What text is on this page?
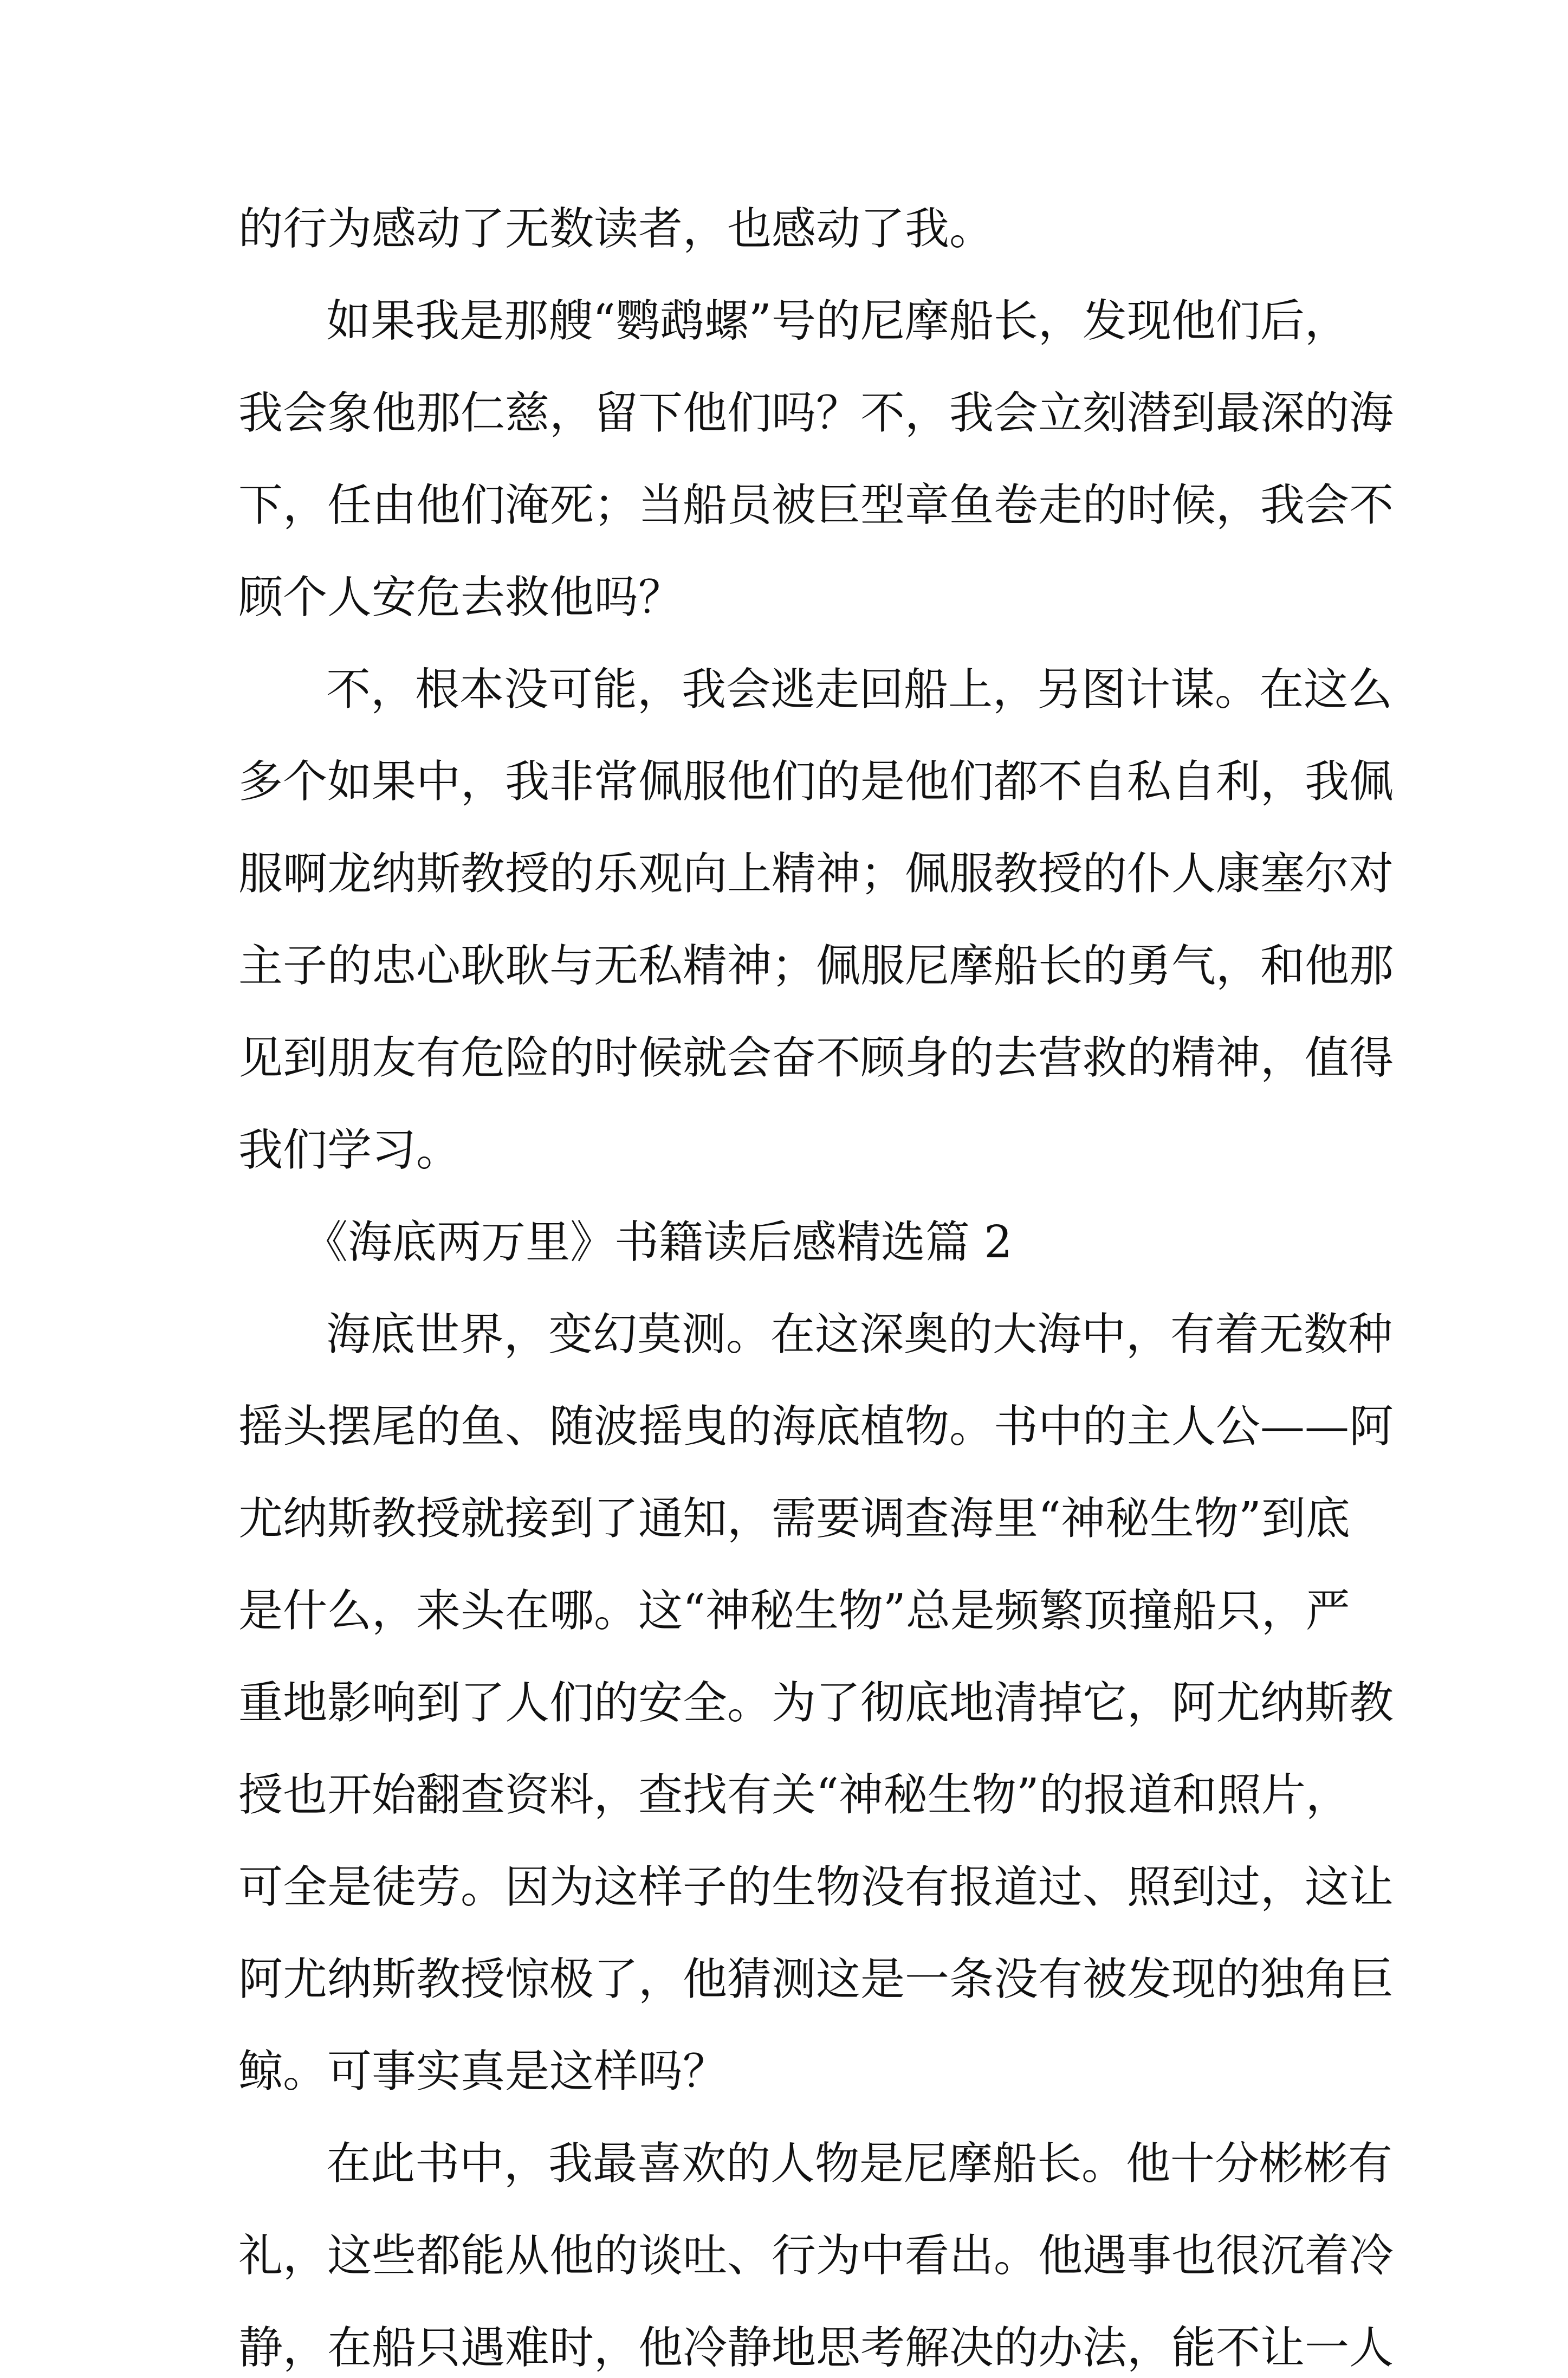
的行为感动了无数读者，也感动了我。
如果我是那艘“鹦鹉螺”号的尼摩船长，发现他们后，
我会象他那仁慈，留下他们吗？不，我会立刻潜到最深的海
下，任由他们淹死；当船员被巨型章鱼卷走的时候，我会不
顾个人安危去救他吗？
不，根本没可能，我会逃走回船上，另图计谋。在这么
多个如果中，我非常佩服他们的是他们都不自私自利，我佩
服啊龙纳斯教授的乐观向上精神；佩服教授的仆人康塞尔对
主子的忠心耿耿与无私精神；佩服尼摩船长的勇气，和他那
见到朋友有危险的时候就会奋不顾身的去营救的精神，值得
我们学习。
《海底两万里》书籍读后感精选篇 2
海底世界，变幻莫测。在这深奥的大海中，有着无数种
摇头摆尾的鱼、随波摇曳的海底植物。书中的主人公——阿
尤纳斯教授就接到了通知，需要调查海里“神秘生物”到底
是什么，来头在哪。这“神秘生物”总是频繁顶撞船只，严
重地影响到了人们的安全。为了彻底地清掉它，阿尤纳斯教
授也开始翻查资料，查找有关“神秘生物”的报道和照片，
可全是徒劳。因为这样子的生物没有报道过、照到过，这让
阿尤纳斯教授惊极了，他猜测这是一条没有被发现的独角巨
鲸。可事实真是这样吗？
在此书中，我最喜欢的人物是尼摩船长。他十分彬彬有
礼，这些都能从他的谈吐、行为中看出。他遇事也很沉着冷
静，在船只遇难时，他冷静地思考解决的办法，能不让一人
